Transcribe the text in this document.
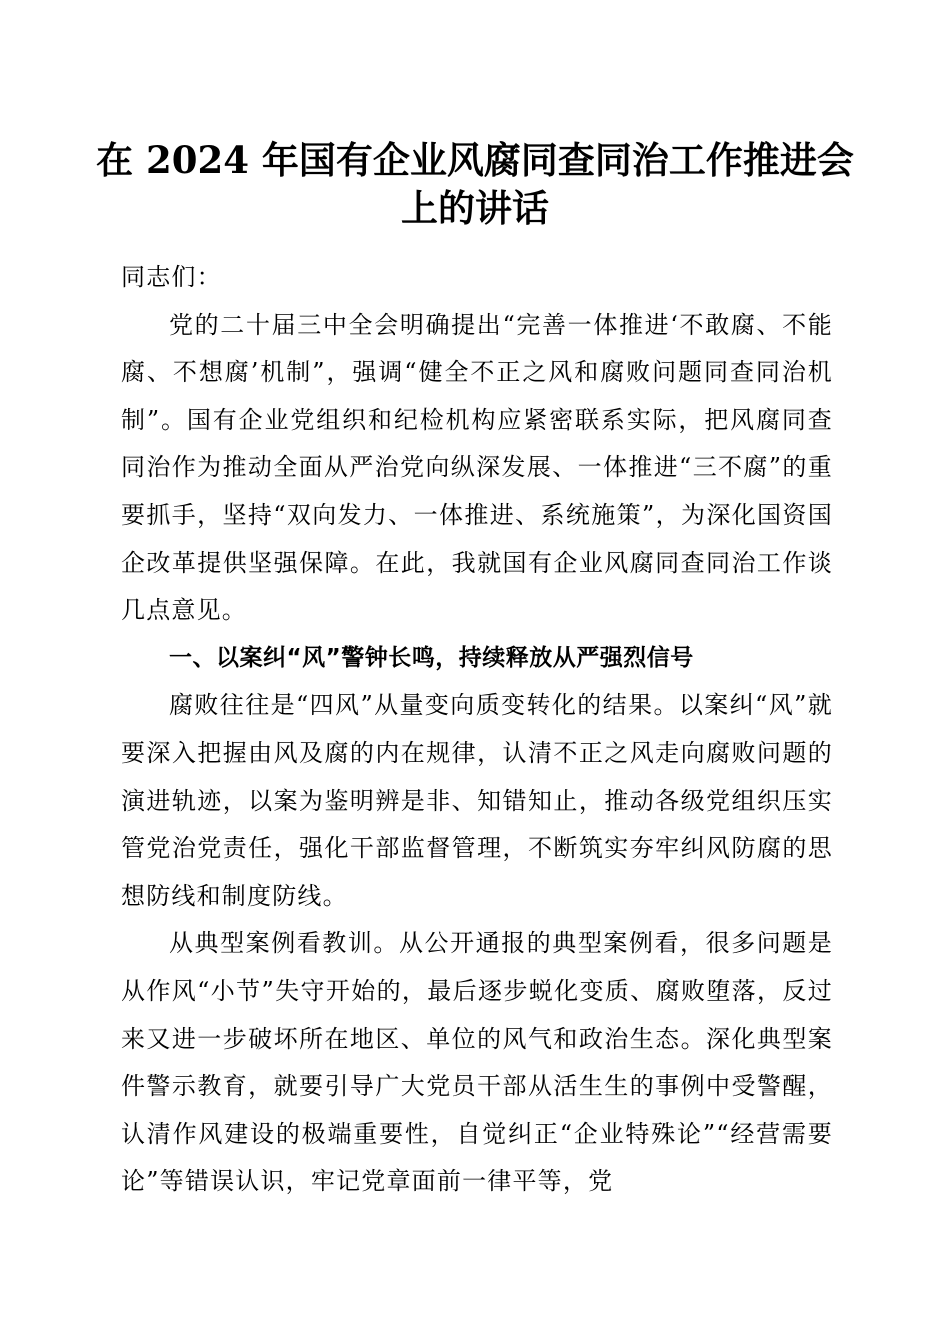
在 2024 年国有企业风腐同查同治工作推进会
上的讲话

同志们：

党的二十届三中全会明确提出“完善一体推进‘不敢腐、不能腐、不想腐’机制”，强调“健全不正之风和腐败问题同查同治机制”。国有企业党组织和纪检机构应紧密联系实际，把风腐同查同治作为推动全面从严治党向纵深发展、一体推进“三不腐”的重要抓手，坚持“双向发力、一体推进、系统施策”，为深化国资国企改革提供坚强保障。在此，我就国有企业风腐同查同治工作谈几点意见。

一、以案纠“风”警钟长鸣，持续释放从严强烈信号

腐败往往是“四风”从量变向质变转化的结果。以案纠“风”就要深入把握由风及腐的内在规律，认清不正之风走向腐败问题的演进轨迹，以案为鉴明辨是非、知错知止，推动各级党组织压实管党治党责任，强化干部监督管理，不断筑实夯牢纠风防腐的思想防线和制度防线。

从典型案例看教训。从公开通报的典型案例看，很多问题是从作风“小节”失守开始的，最后逐步蜕化变质、腐败堕落，反过来又进一步破坏所在地区、单位的风气和政治生态。深化典型案件警示教育，就要引导广大党员干部从活生生的事例中受警醒，认清作风建设的极端重要性，自觉纠正“企业特殊论”“经营需要论”等错误认识，牢记党章面前一律平等，党
